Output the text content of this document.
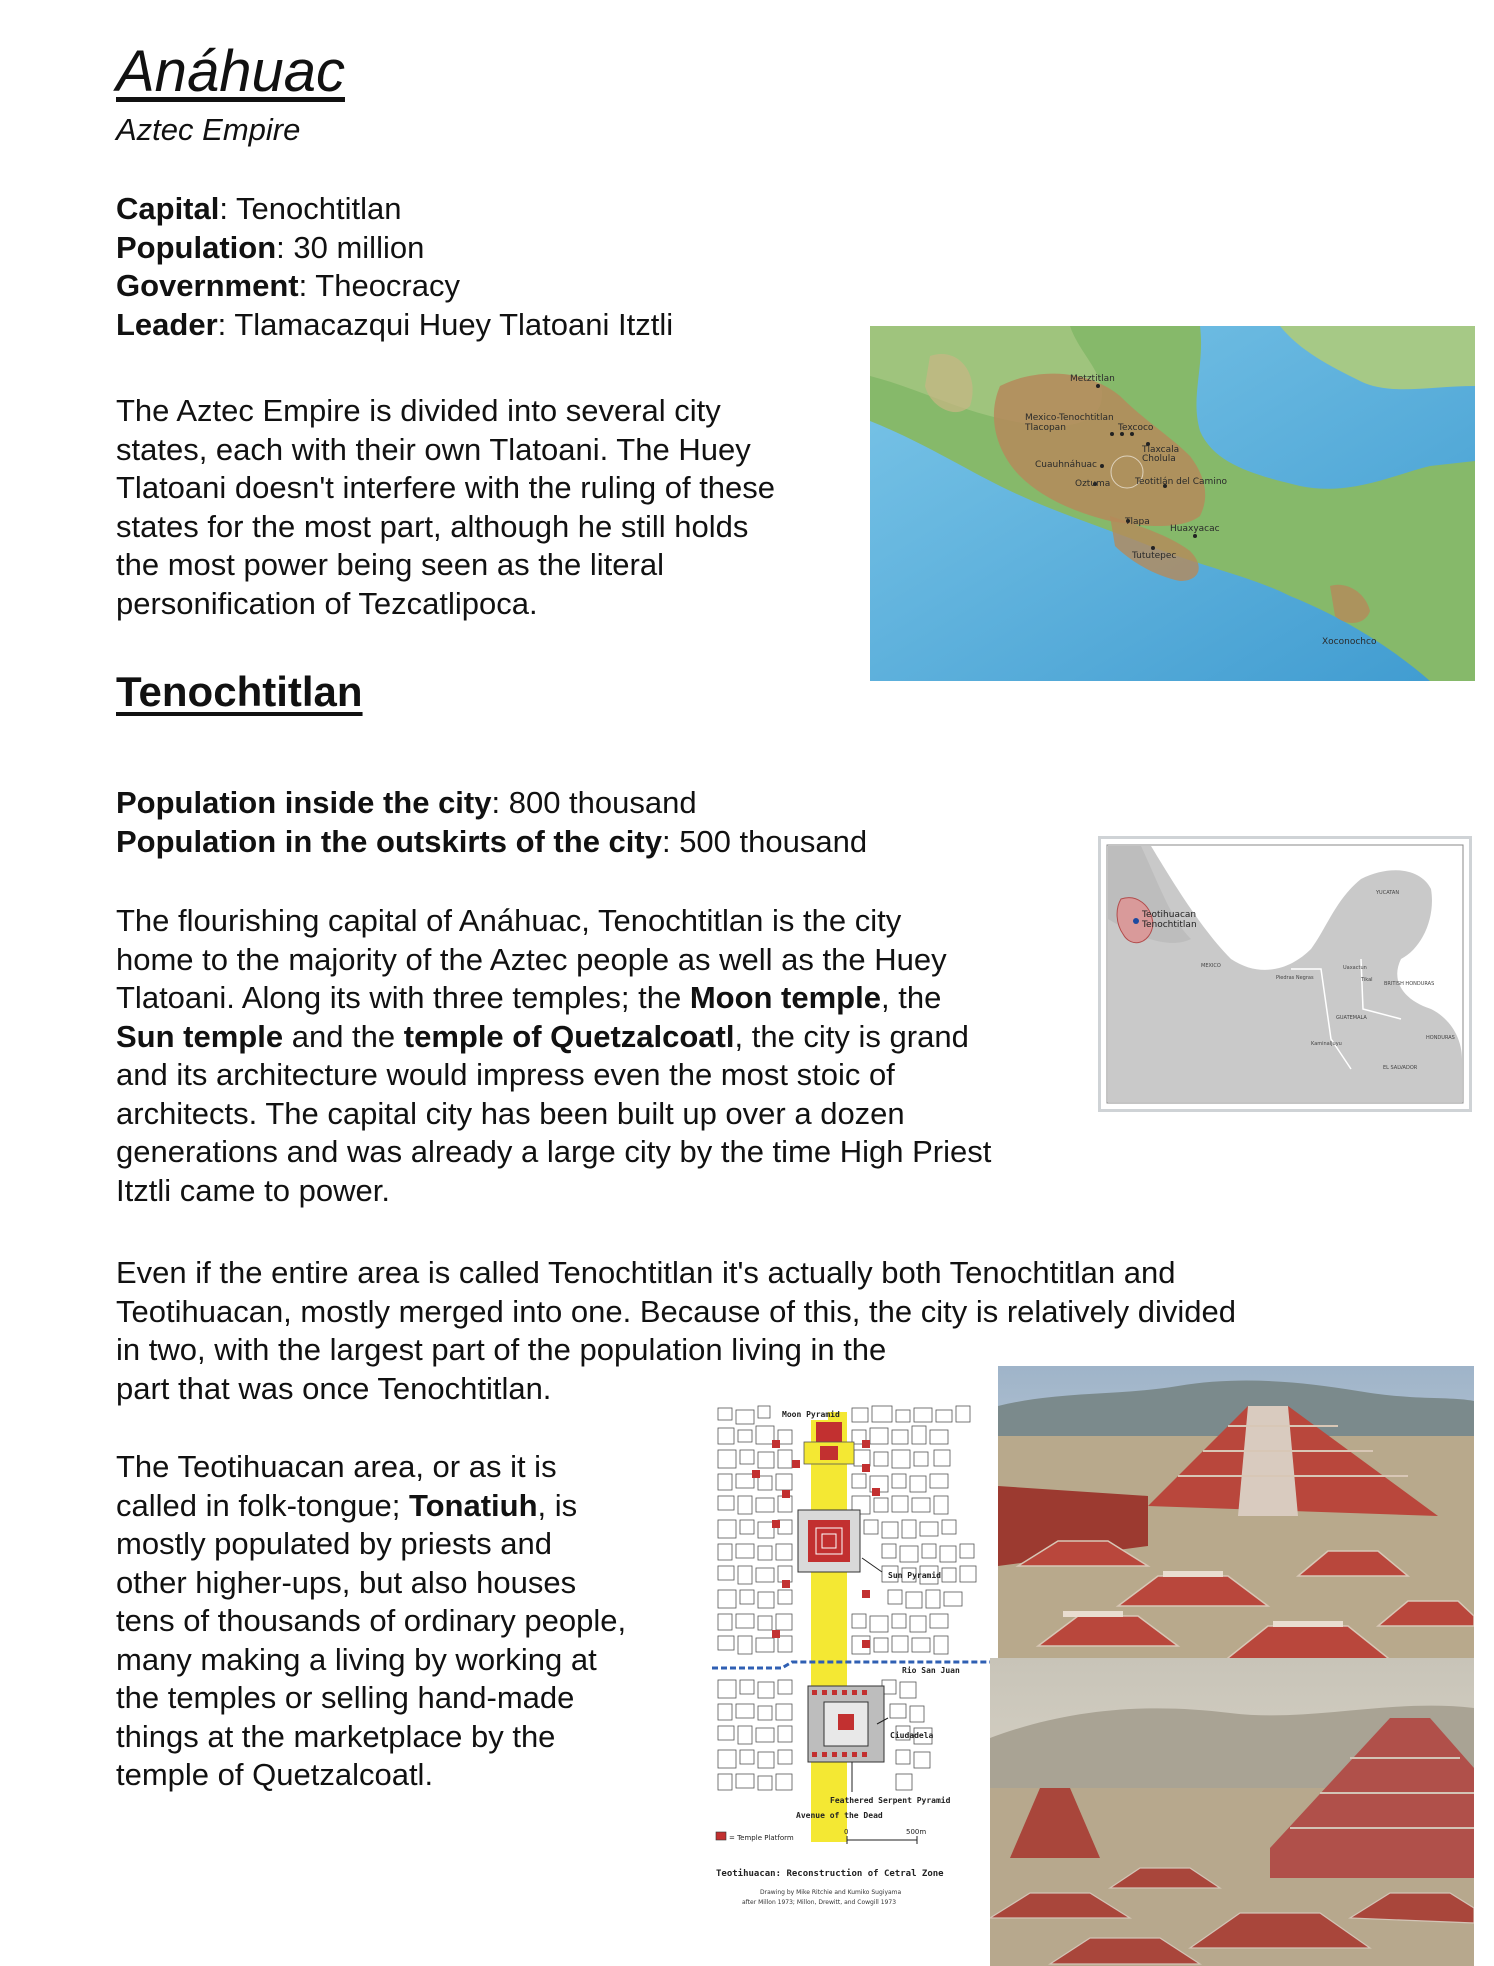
Anáhuac
Aztec Empire
Capital: Tenochtitlan
Population: 30 million
Government: Theocracy
Leader: Tlamacazqui Huey Tlatoani Itztli
The Aztec Empire is divided into several city
states, each with their own Tlatoani. The Huey
Tlatoani doesn't interfere with the ruling of these
states for the most part, although he still holds
the most power being seen as the literal
personification of Tezcatlipoca.
Metztitlan
Mexico-Tenochtitlan
Tlacopan	Texcoco
Tlaxcala
Cholula
Cuauhnáhuac
Oztuma	Teotitlán del Camino
Tlapa
Huaxyacac
Tututepec
Xoconochco
Tenochtitlan
Population inside the city: 800 thousand
Population in the outskirts of the city: 500 thousand
The flourishing capital of Anáhuac, Tenochtitlan is the city
home to the majority of the Aztec people as well as the Huey
Tlatoani. Along its with three temples; the Moon temple, the
Sun temple and the temple of Quetzalcoatl, the city is grand
and its architecture would impress even the most stoic of
architects. The capital city has been built up over a dozen
generations and was already a large city by the time High Priest
Itztli came to power.
Teotihuacan
Tenochtitlan
YUCATAN
MEXICO
Piedras Negras
Uaxactun
Tikal
BRITISH HONDURAS
GUATEMALA
Kaminaljuyu
HONDURAS
EL SALVADOR
Even if the entire area is called Tenochtitlan it's actually both Tenochtitlan and
Teotihuacan, mostly merged into one. Because of this, the city is relatively divided
in two, with the largest part of the population living in the
part that was once Tenochtitlan.
The Teotihuacan area, or as it is
called in folk-tongue; Tonatiuh, is
mostly populated by priests and
other higher-ups, but also houses
tens of thousands of ordinary people,
many making a living by working at
the temples or selling hand-made
things at the marketplace by the
temple of Quetzalcoatl.
Moon Pyramid
Sun Pyramid
Rio San Juan
Ciudadela
Feathered Serpent Pyramid
Avenue of the Dead
= Temple Platform
0	500m
Teotihuacan: Reconstruction of Cetral Zone
Drawing by Mike Ritchie and Kumiko Sugiyama
after Millon 1973; Millon, Drewitt, and Cowgill 1973
